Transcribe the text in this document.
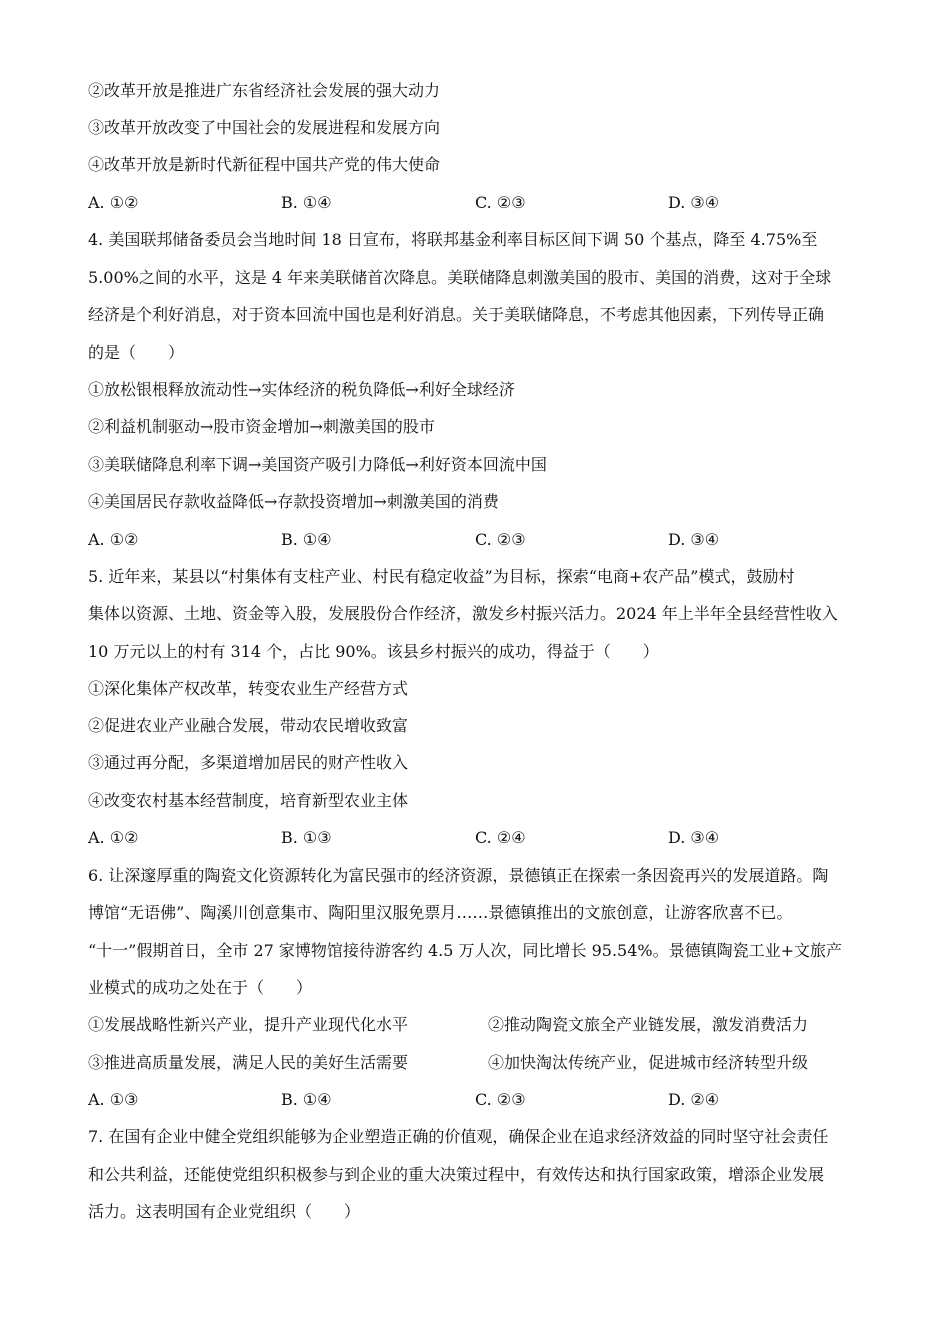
②改革开放是推进广东省经济社会发展的强大动力
③改革开放改变了中国社会的发展进程和发展方向
④改革开放是新时代新征程中国共产党的伟大使命
A. ①②	B. ①④	C. ②③	D. ③④
4. 美国联邦储备委员会当地时间 18 日宣布，将联邦基金利率目标区间下调 50 个基点，降至 4.75%至
5.00%之间的水平，这是 4 年来美联储首次降息。美联储降息刺激美国的股市、美国的消费，这对于全球
经济是个利好消息，对于资本回流中国也是利好消息。关于美联储降息，不考虑其他因素，下列传导正确
的是（　　）
①放松银根释放流动性→实体经济的税负降低→利好全球经济
②利益机制驱动→股市资金增加→刺激美国的股市
③美联储降息利率下调→美国资产吸引力降低→利好资本回流中国
④美国居民存款收益降低→存款投资增加→刺激美国的消费
A. ①②	B. ①④	C. ②③	D. ③④
5. 近年来，某县以“村集体有支柱产业、村民有稳定收益”为目标，探索“电商+农产品”模式，鼓励村
集体以资源、土地、资金等入股，发展股份合作经济，激发乡村振兴活力。2024 年上半年全县经营性收入
10 万元以上的村有 314 个，占比 90%。该县乡村振兴的成功，得益于（　　）
①深化集体产权改革，转变农业生产经营方式
②促进农业产业融合发展，带动农民增收致富
③通过再分配，多渠道增加居民的财产性收入
④改变农村基本经营制度，培育新型农业主体
A. ①②	B. ①③	C. ②④	D. ③④
6. 让深邃厚重的陶瓷文化资源转化为富民强市的经济资源，景德镇正在探索一条因瓷再兴的发展道路。陶
博馆“无语佛”、陶溪川创意集市、陶阳里汉服免票月……景德镇推出的文旅创意，让游客欣喜不已。
“十一”假期首日，全市 27 家博物馆接待游客约 4.5 万人次，同比增长 95.54%。景德镇陶瓷工业+文旅产
业模式的成功之处在于（　　）
①发展战略性新兴产业，提升产业现代化水平	②推动陶瓷文旅全产业链发展，激发消费活力
③推进高质量发展，满足人民的美好生活需要	④加快淘汰传统产业，促进城市经济转型升级
A. ①③	B. ①④	C. ②③	D. ②④
7. 在国有企业中健全党组织能够为企业塑造正确的价值观，确保企业在追求经济效益的同时坚守社会责任
和公共利益，还能使党组织积极参与到企业的重大决策过程中，有效传达和执行国家政策，增添企业发展
活力。这表明国有企业党组织（　　）
